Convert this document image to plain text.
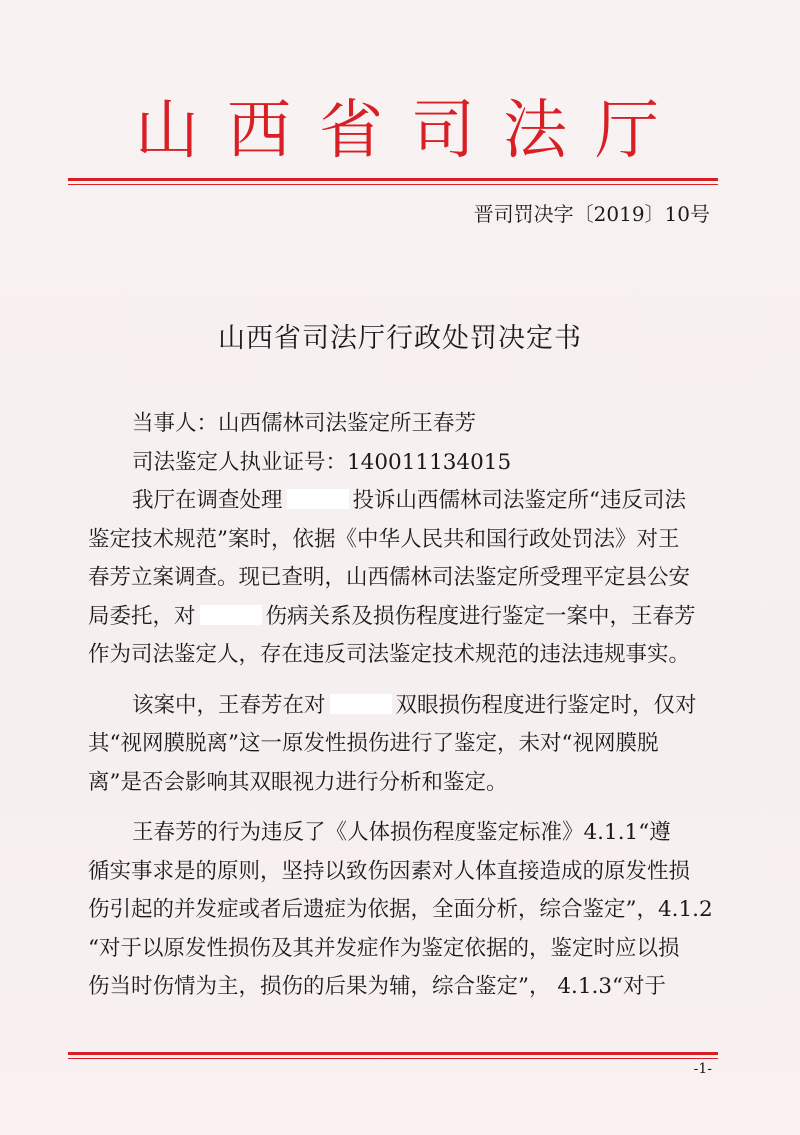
山西省司法厅
晋司罚决字〔2019〕10号
山西省司法厅行政处罚决定书
当事人：山西儒林司法鉴定所王春芳
司法鉴定人执业证号：140011134015
我厅在调查处理	投诉山西儒林司法鉴定所“违反司法
鉴定技术规范”案时，依据《中华人民共和国行政处罚法》对王
春芳立案调查。现已查明，山西儒林司法鉴定所受理平定县公安
局委托，对	伤病关系及损伤程度进行鉴定一案中，王春芳
作为司法鉴定人，存在违反司法鉴定技术规范的违法违规事实。
该案中，王春芳在对	双眼损伤程度进行鉴定时，仅对
其“视网膜脱离”这一原发性损伤进行了鉴定，未对“视网膜脱
离”是否会影响其双眼视力进行分析和鉴定。
王春芳的行为违反了《人体损伤程度鉴定标准》4.1.1“遵
循实事求是的原则，坚持以致伤因素对人体直接造成的原发性损
伤引起的并发症或者后遗症为依据，全面分析，综合鉴定”，4.1.2
“对于以原发性损伤及其并发症作为鉴定依据的，鉴定时应以损
伤当时伤情为主，损伤的后果为辅，综合鉴定”， 4.1.3“对于
-1-
